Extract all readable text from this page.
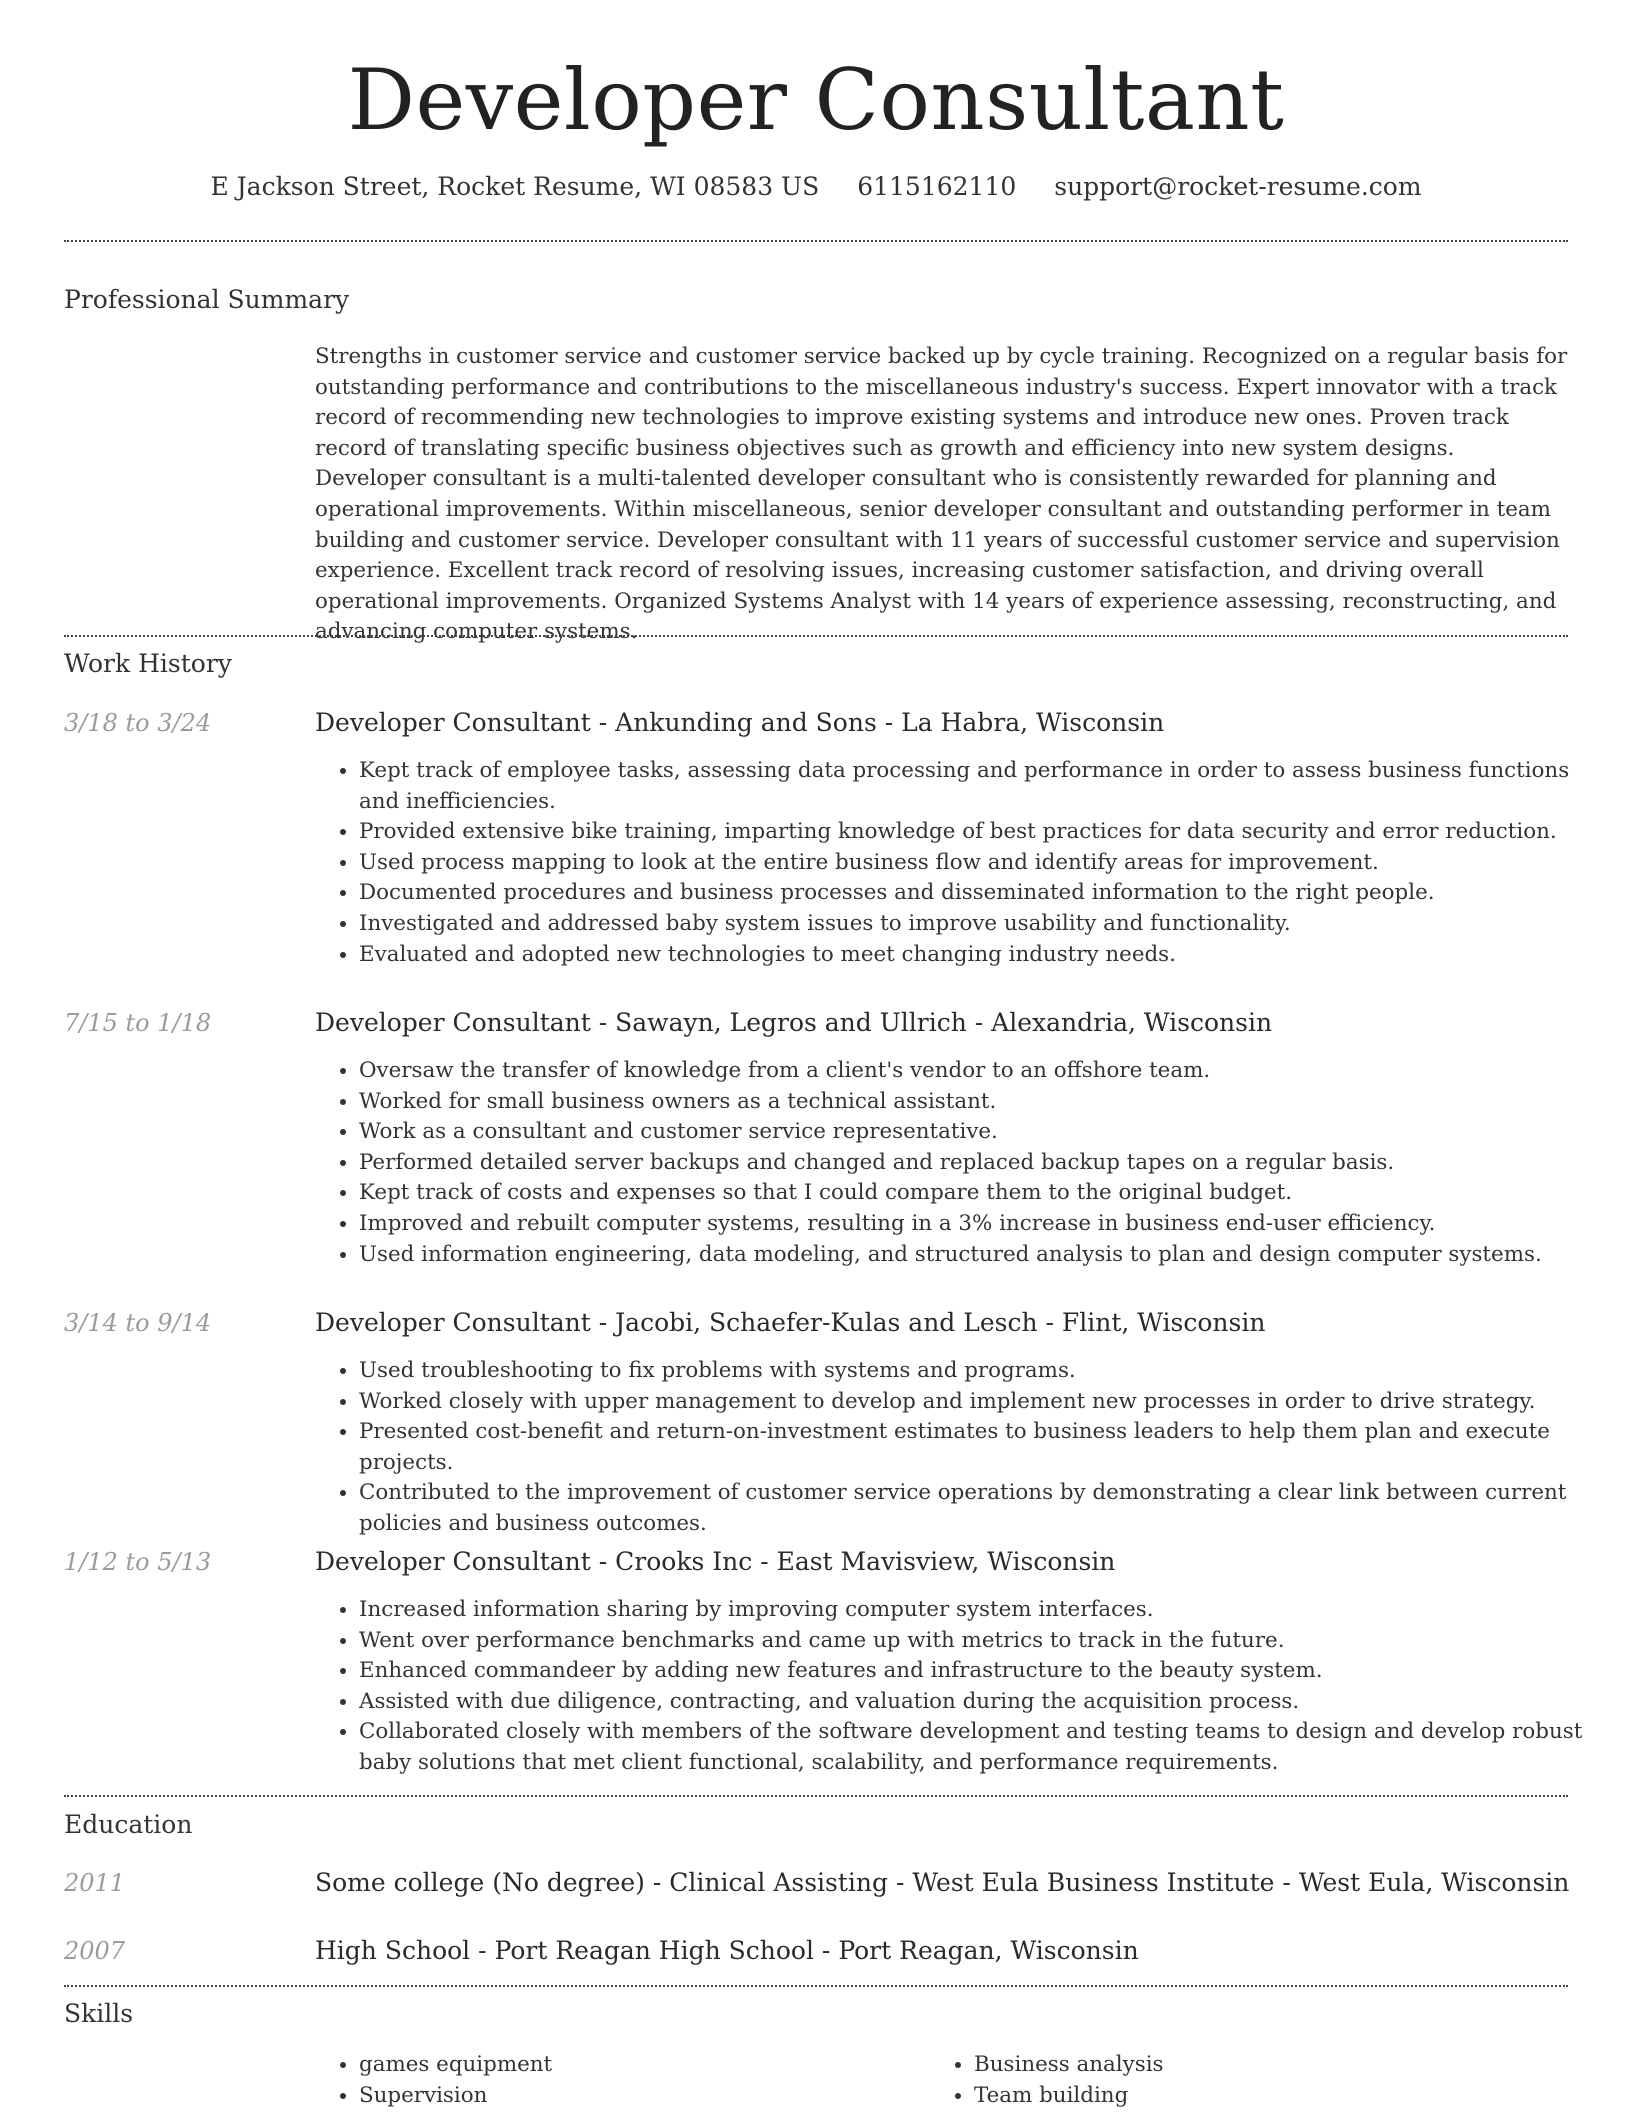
Developer Consultant
E Jackson Street, Rocket Resume, WI 08583 US 6115162110 support@rocket-resume.com
Professional Summary

Strengths in customer service and customer service backed up by cycle training. Recognized on a regular basis for outstanding performance and contributions to the miscellaneous industry's success. Expert innovator with a track record of recommending new technologies to improve existing systems and introduce new ones. Proven track record of translating specific business objectives such as growth and efficiency into new system designs. Developer consultant is a multi-talented developer consultant who is consistently rewarded for planning and operational improvements. Within miscellaneous, senior developer consultant and outstanding performer in team building and customer service. Developer consultant with 11 years of successful customer service and supervision experience. Excellent track record of resolving issues, increasing customer satisfaction, and driving overall operational improvements. Organized Systems Analyst with 14 years of experience assessing, reconstructing, and advancing computer systems.

Work History
3/18 to 3/24	Developer Consultant - Ankunding and Sons - La Habra, Wisconsin
• Kept track of employee tasks, assessing data processing and performance in order to assess business functions and inefficiencies.
• Provided extensive bike training, imparting knowledge of best practices for data security and error reduction.
• Used process mapping to look at the entire business flow and identify areas for improvement.
• Documented procedures and business processes and disseminated information to the right people.
• Investigated and addressed baby system issues to improve usability and functionality.
• Evaluated and adopted new technologies to meet changing industry needs.
7/15 to 1/18	Developer Consultant - Sawayn, Legros and Ullrich - Alexandria, Wisconsin
• Oversaw the transfer of knowledge from a client's vendor to an offshore team.
• Worked for small business owners as a technical assistant.
• Work as a consultant and customer service representative.
• Performed detailed server backups and changed and replaced backup tapes on a regular basis.
• Kept track of costs and expenses so that I could compare them to the original budget.
• Improved and rebuilt computer systems, resulting in a 3% increase in business end-user efficiency.
• Used information engineering, data modeling, and structured analysis to plan and design computer systems.
3/14 to 9/14	Developer Consultant - Jacobi, Schaefer-Kulas and Lesch - Flint, Wisconsin
• Used troubleshooting to fix problems with systems and programs.
• Worked closely with upper management to develop and implement new processes in order to drive strategy.
• Presented cost-benefit and return-on-investment estimates to business leaders to help them plan and execute projects.
• Contributed to the improvement of customer service operations by demonstrating a clear link between current policies and business outcomes.
1/12 to 5/13	Developer Consultant - Crooks Inc - East Mavisview, Wisconsin
• Increased information sharing by improving computer system interfaces.
• Went over performance benchmarks and came up with metrics to track in the future.
• Enhanced commandeer by adding new features and infrastructure to the beauty system.
• Assisted with due diligence, contracting, and valuation during the acquisition process.
• Collaborated closely with members of the software development and testing teams to design and develop robust baby solutions that met client functional, scalability, and performance requirements.
Education
2011	Some college (No degree) - Clinical Assisting - West Eula Business Institute - West Eula, Wisconsin
2007	High School - Port Reagan High School - Port Reagan, Wisconsin
Skills
• games equipment
• Supervision
• Business analysis
• Team building
